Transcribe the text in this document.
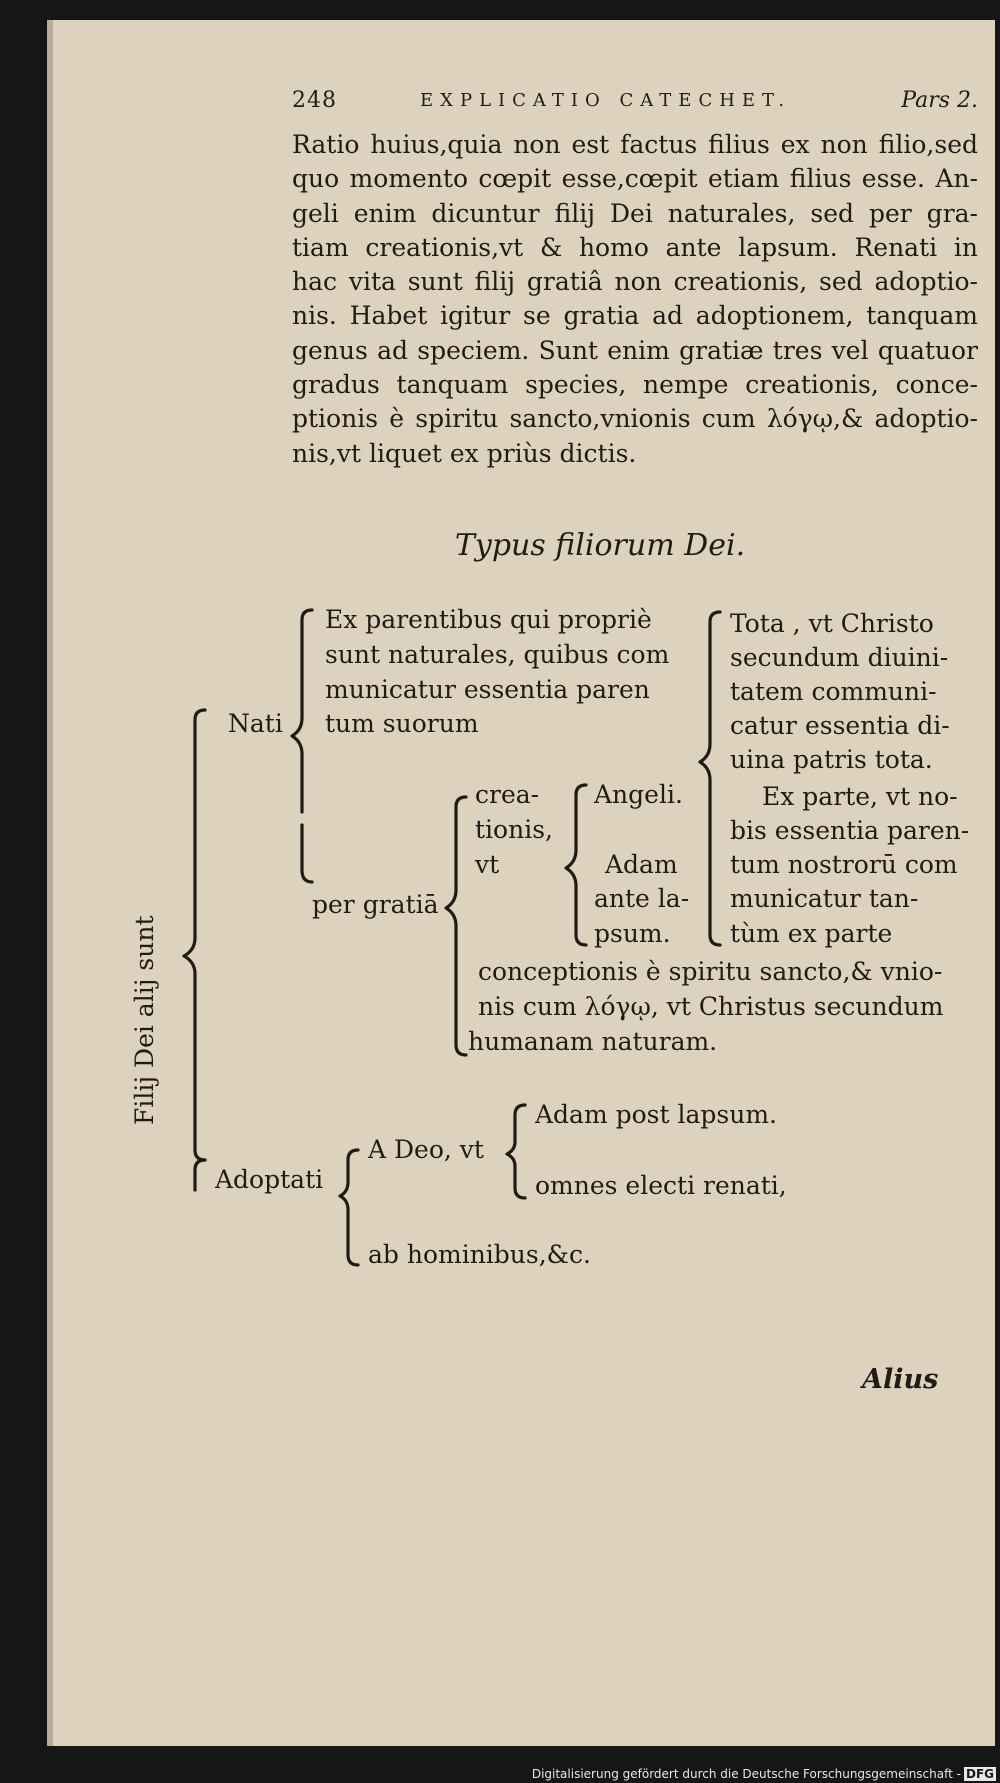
248	EXPLICATIO CATECHET.	Pars 2.
Ratio huius,quia non est factus filius ex non filio,sed
quo momento cœpit esse,cœpit etiam filius esse. An-
geli enim dicuntur filij Dei naturales, sed per gra-
tiam creationis,vt & homo ante lapsum. Renati in
hac vita sunt filij gratiâ non creationis, sed adoptio-
nis. Habet igitur se gratia ad adoptionem, tanquam
genus ad speciem. Sunt enim gratiæ tres vel quatuor
gradus tanquam species, nempe creationis, conce-
ptionis è spiritu sancto,vnionis cum λόγῳ,& adoptio-
nis,vt liquet ex priùs dictis.
Typus filiorum Dei.
Filij Dei alij sunt
Nati
Ex parentibus qui propriè
sunt naturales, quibus com
municatur essentia paren
tum suorum
Tota , vt Christo
secundum diuini-
tatem communi-
catur essentia di-
uina patris tota.
Ex parte, vt no-
bis essentia paren-
tum nostrorū com
municatur tan-
tùm ex parte
per gratiā
crea-
tionis,
vt
Angeli.
Adam
ante la-
psum.
conceptionis è spiritu sancto,& vnio-
nis cum λόγῳ, vt Christus secundum
humanam naturam.
Adoptati
A Deo, vt
Adam post lapsum.
omnes electi renati,
ab hominibus,&c.
Alius
Digitalisierung gefördert durch die Deutsche Forschungsgemeinschaft - DFG
